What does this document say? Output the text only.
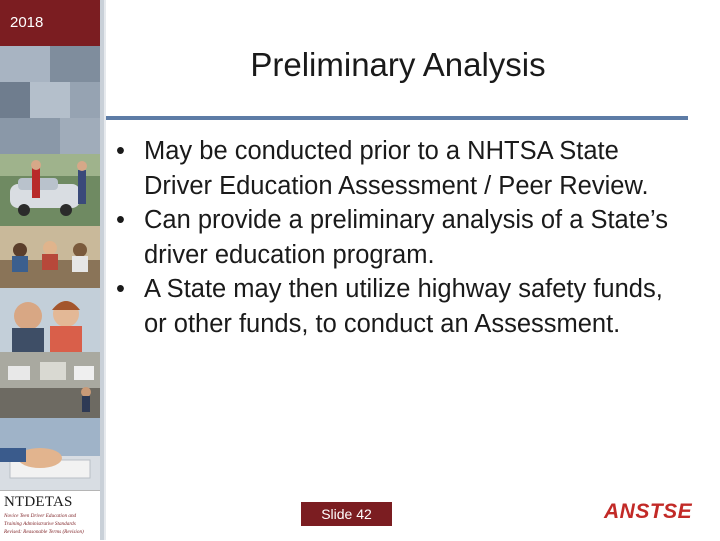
2018
NTDETAS
Novice Teen Driver Education and
Training Administrative Standards
Revised: Reasonable Terms (Revision)
Preliminary Analysis
• May be conducted prior to a NHTSA State Driver Education Assessment / Peer Review.
• Can provide a preliminary analysis of a State’s driver education program.
• A State may then utilize highway safety funds, or other funds, to conduct an Assessment.
Slide 42	ANSTSE
